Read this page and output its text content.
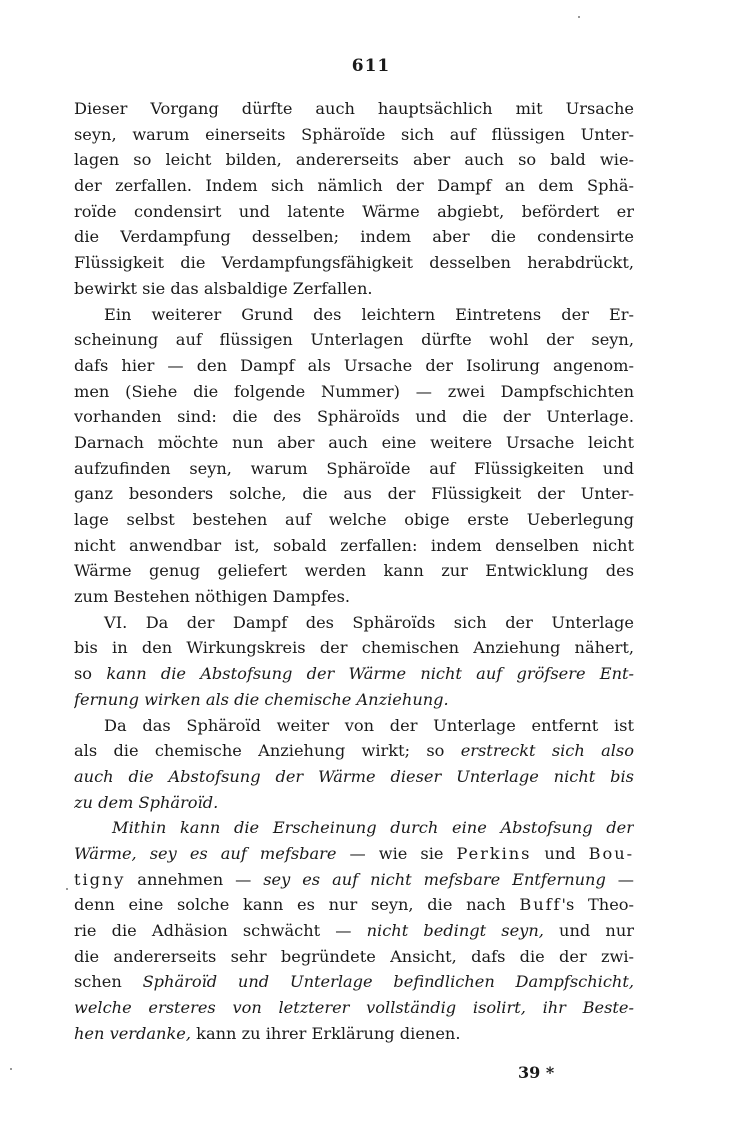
611
Dieser Vorgang dürfte auch hauptsächlich mit Ursache
seyn, warum einerseits Sphäroïde sich auf flüssigen Unter-
lagen so leicht bilden, andererseits aber auch so bald wie-
der zerfallen. Indem sich nämlich der Dampf an dem Sphä-
roïde condensirt und latente Wärme abgiebt, befördert er
die Verdampfung desselben; indem aber die condensirte
Flüssigkeit die Verdampfungsfähigkeit desselben herabdrückt,
bewirkt sie das alsbaldige Zerfallen.
Ein weiterer Grund des leichtern Eintretens der Er-
scheinung auf flüssigen Unterlagen dürfte wohl der seyn,
dafs hier — den Dampf als Ursache der Isolirung angenom-
men (Siehe die folgende Nummer) — zwei Dampfschichten
vorhanden sind: die des Sphäroïds und die der Unterlage.
Darnach möchte nun aber auch eine weitere Ursache leicht
aufzufinden seyn, warum Sphäroïde auf Flüssigkeiten und
ganz besonders solche, die aus der Flüssigkeit der Unter-
lage selbst bestehen auf welche obige erste Ueberlegung
nicht anwendbar ist, sobald zerfallen: indem denselben nicht
Wärme genug geliefert werden kann zur Entwicklung des
zum Bestehen nöthigen Dampfes.
VI. Da der Dampf des Sphäroïds sich der Unterlage
bis in den Wirkungskreis der chemischen Anziehung nähert,
so kann die Abstofsung der Wärme nicht auf gröfsere Ent-
fernung wirken als die chemische Anziehung.
Da das Sphäroïd weiter von der Unterlage entfernt ist
als die chemische Anziehung wirkt; so erstreckt sich also
auch die Abstofsung der Wärme dieser Unterlage nicht bis
zu dem Sphäroïd.
Mithin kann die Erscheinung durch eine Abstofsung der
Wärme, sey es auf mefsbare — wie sie Perkins und Bou-
tigny annehmen — sey es auf nicht mefsbare Entfernung —
denn eine solche kann es nur seyn, die nach Buff's Theo-
rie die Adhäsion schwächt — nicht bedingt seyn, und nur
die andererseits sehr begründete Ansicht, dafs die der zwi-
schen Sphäroïd und Unterlage befindlichen Dampfschicht,
welche ersteres von letzterer vollständig isolirt, ihr Beste-
hen verdanke, kann zu ihrer Erklärung dienen.
39 *
